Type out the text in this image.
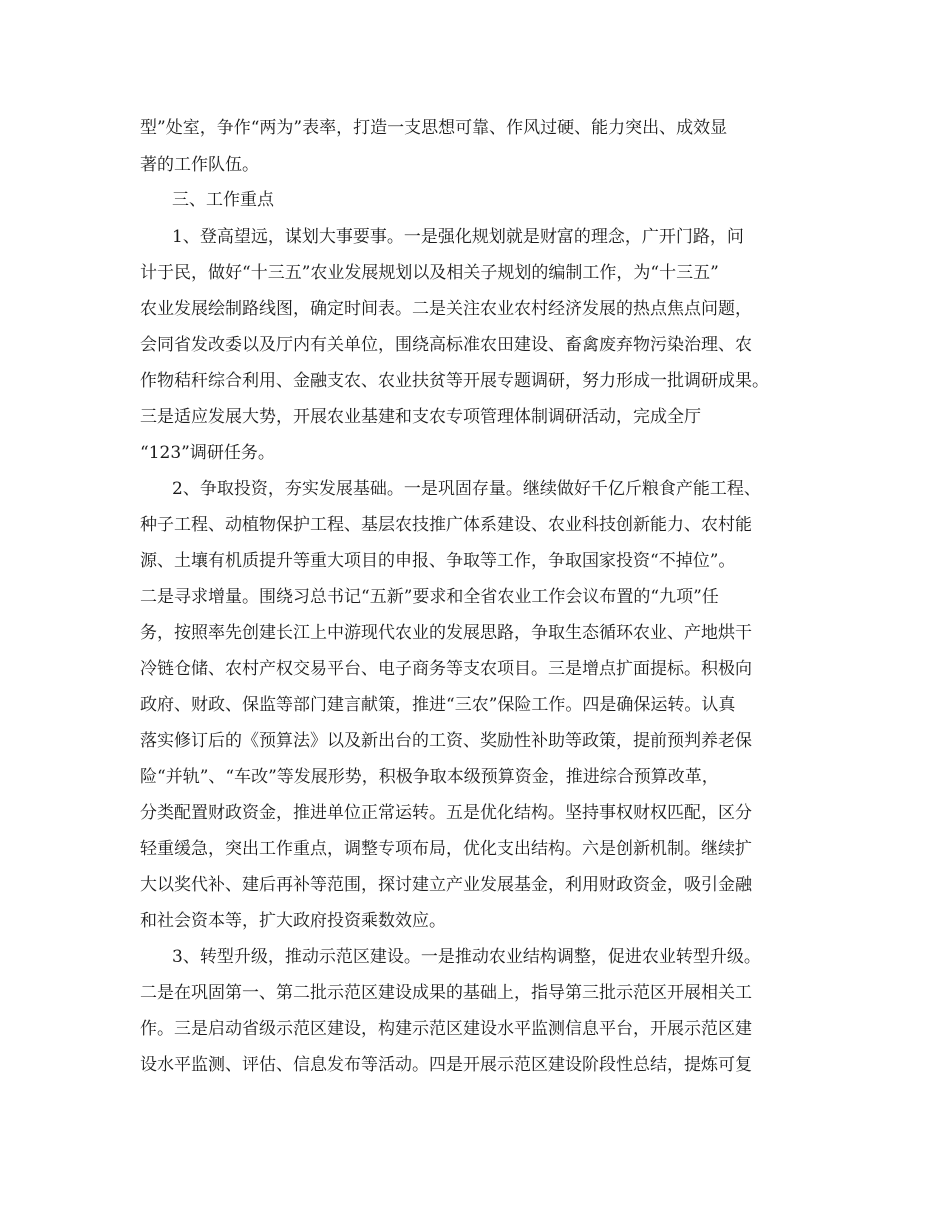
型”处室，争作“两为”表率，打造一支思想可靠、作风过硬、能力突出、成效显
著的工作队伍。
三、工作重点
1、登高望远，谋划大事要事。一是强化规划就是财富的理念，广开门路，问
计于民，做好“十三五”农业发展规划以及相关子规划的编制工作，为“十三五”
农业发展绘制路线图，确定时间表。二是关注农业农村经济发展的热点焦点问题，
会同省发改委以及厅内有关单位，围绕高标准农田建设、畜禽废弃物污染治理、农
作物秸秆综合利用、金融支农、农业扶贫等开展专题调研，努力形成一批调研成果。
三是适应发展大势，开展农业基建和支农专项管理体制调研活动，完成全厅
“123”调研任务。
2、争取投资，夯实发展基础。一是巩固存量。继续做好千亿斤粮食产能工程、
种子工程、动植物保护工程、基层农技推广体系建设、农业科技创新能力、农村能
源、土壤有机质提升等重大项目的申报、争取等工作，争取国家投资“不掉位”。
二是寻求增量。围绕习总书记“五新”要求和全省农业工作会议布置的“九项”任
务，按照率先创建长江上中游现代农业的发展思路，争取生态循环农业、产地烘干
冷链仓储、农村产权交易平台、电子商务等支农项目。三是增点扩面提标。积极向
政府、财政、保监等部门建言献策，推进“三农”保险工作。四是确保运转。认真
落实修订后的《预算法》以及新出台的工资、奖励性补助等政策，提前预判养老保
险“并轨”、“车改”等发展形势，积极争取本级预算资金，推进综合预算改革，
分类配置财政资金，推进单位正常运转。五是优化结构。坚持事权财权匹配，区分
轻重缓急，突出工作重点，调整专项布局，优化支出结构。六是创新机制。继续扩
大以奖代补、建后再补等范围，探讨建立产业发展基金，利用财政资金，吸引金融
和社会资本等，扩大政府投资乘数效应。
3、转型升级，推动示范区建设。一是推动农业结构调整，促进农业转型升级。
二是在巩固第一、第二批示范区建设成果的基础上，指导第三批示范区开展相关工
作。三是启动省级示范区建设，构建示范区建设水平监测信息平台，开展示范区建
设水平监测、评估、信息发布等活动。四是开展示范区建设阶段性总结，提炼可复
